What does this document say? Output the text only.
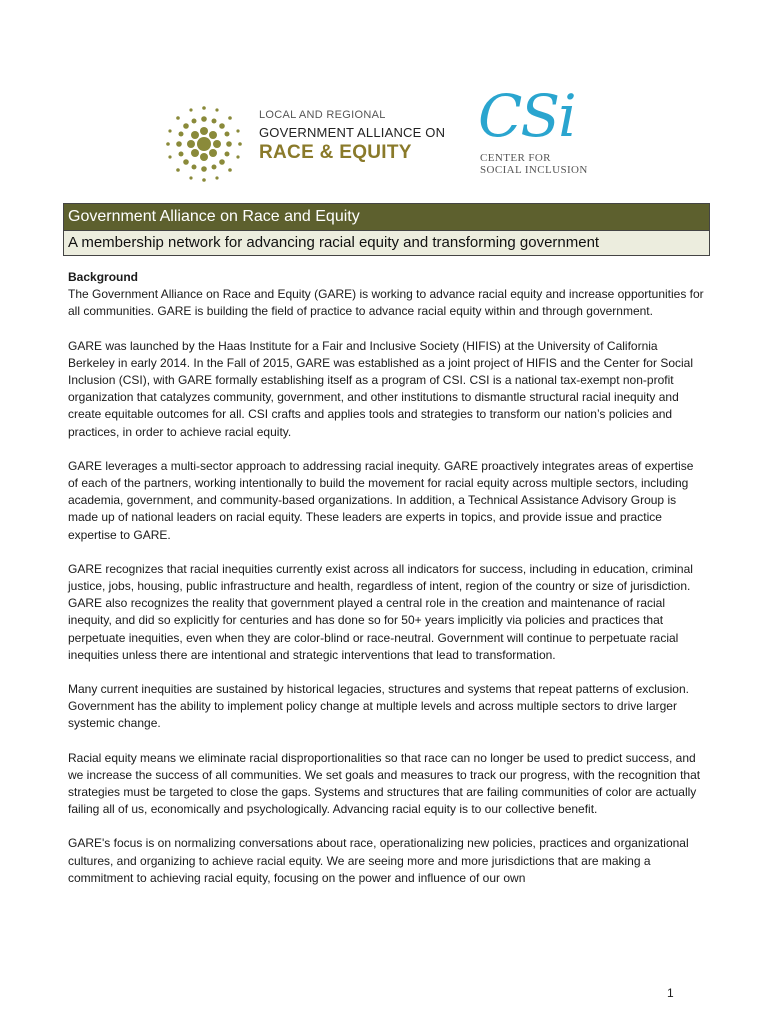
LOCAL AND REGIONAL
GOVERNMENT ALLIANCE ON
RACE & EQUITY
CSi
CENTER FOR
SOCIAL INCLUSION
Government Alliance on Race and Equity
A membership network for advancing racial equity and transforming government
Background

The Government Alliance on Race and Equity (GARE) is working to advance racial equity and increase opportunities for all communities. GARE is building the field of practice to advance racial equity within and through government.

GARE was launched by the Haas Institute for a Fair and Inclusive Society (HIFIS) at the University of California Berkeley in early 2014. In the Fall of 2015, GARE was established as a joint project of HIFIS and the Center for Social Inclusion (CSI), with GARE formally establishing itself as a program of CSI. CSI is a national tax-exempt non-profit organization that catalyzes community, government, and other institutions to dismantle structural racial inequity and create equitable outcomes for all. CSI crafts and applies tools and strategies to transform our nation’s policies and practices, in order to achieve racial equity.

GARE leverages a multi-sector approach to addressing racial inequity. GARE proactively integrates areas of expertise of each of the partners, working intentionally to build the movement for racial equity across multiple sectors, including academia, government, and community-based organizations. In addition, a Technical Assistance Advisory Group is made up of national leaders on racial equity. These leaders are experts in topics, and provide issue and practice expertise to GARE.

GARE recognizes that racial inequities currently exist across all indicators for success, including in education, criminal justice, jobs, housing, public infrastructure and health, regardless of intent, region of the country or size of jurisdiction. GARE also recognizes the reality that government played a central role in the creation and maintenance of racial inequity, and did so explicitly for centuries and has done so for 50+ years implicitly via policies and practices that perpetuate inequities, even when they are color-blind or race-neutral. Government will continue to perpetuate racial inequities unless there are intentional and strategic interventions that lead to transformation.

Many current inequities are sustained by historical legacies, structures and systems that repeat patterns of exclusion. Government has the ability to implement policy change at multiple levels and across multiple sectors to drive larger systemic change.

Racial equity means we eliminate racial disproportionalities so that race can no longer be used to predict success, and we increase the success of all communities. We set goals and measures to track our progress, with the recognition that strategies must be targeted to close the gaps. Systems and structures that are failing communities of color are actually failing all of us, economically and psychologically. Advancing racial equity is to our collective benefit.

GARE's focus is on normalizing conversations about race, operationalizing new policies, practices and organizational cultures, and organizing to achieve racial equity. We are seeing more and more jurisdictions that are making a commitment to achieving racial equity, focusing on the power and influence of our own

1
